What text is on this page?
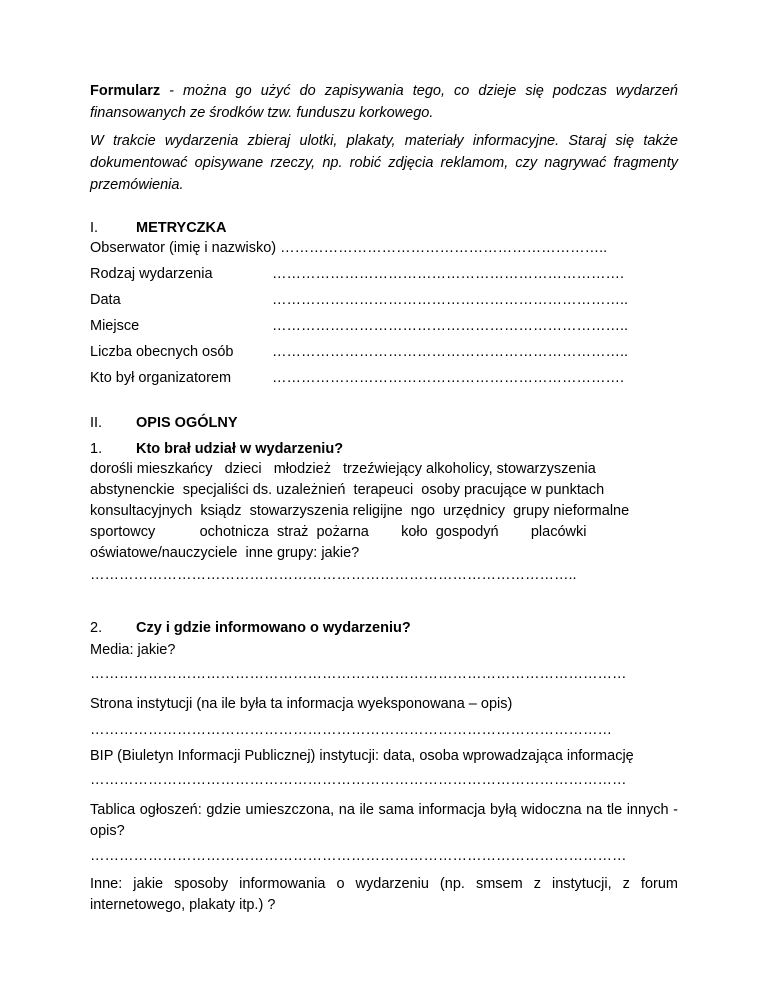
Formularz - można go użyć do zapisywania tego, co dzieje się podczas wydarzeń finansowanych ze środków tzw. funduszu korkowego.

W trakcie wydarzenia zbieraj ulotki, plakaty, materiały informacyjne. Staraj się także dokumentować opisywane rzeczy, np. robić zdjęcia reklamom, czy nagrywać fragmenty przemówienia.

I.	METRYCZKA
Obserwator (imię i nazwisko) …………………………………………………………..
Rodzaj wydarzenia	……………………………………………………………….
Data	………………………………………………………………..
Miejsce	………………………………………………………………..
Liczba obecnych osób	………………………………………………………………..
Kto był organizatorem	……………………………………………………………….
II. OPIS OGÓLNY
1. Kto brał udział w wydarzeniu?

dorośli mieszkańcy   dzieci   młodzież   trzeźwiejący alkoholicy, stowarzyszenia

abstynenckie  specjaliści ds. uzależnień  terapeuci  osoby pracujące w punktach

konsultacyjnych  ksiądz  stowarzyszenia religijne  ngo  urzędnicy  grupy nieformalne

sportowcy           ochotnicza  straż  pożarna        koło  gospodyń        placówki

oświatowe/nauczyciele  inne grupy: jakie?

………………………………………………………………………………………..
2. Czy i gdzie informowano o wydarzeniu?
Media: jakie?
…………………………………………………………………………………………………
Strona instytucji (na ile była ta informacja wyeksponowana – opis)
………………………………………………………………………………………………
BIP (Biuletyn Informacji Publicznej) instytucji: data, osoba wprowadzająca informację
…………………………………………………………………………………………………
Tablica ogłoszeń: gdzie umieszczona, na ile sama informacja byłą widoczna na tle innych - opis?
…………………………………………………………………………………………………
Inne: jakie sposoby informowania o wydarzeniu (np. smsem z instytucji, z forum internetowego, plakaty itp.) ?
